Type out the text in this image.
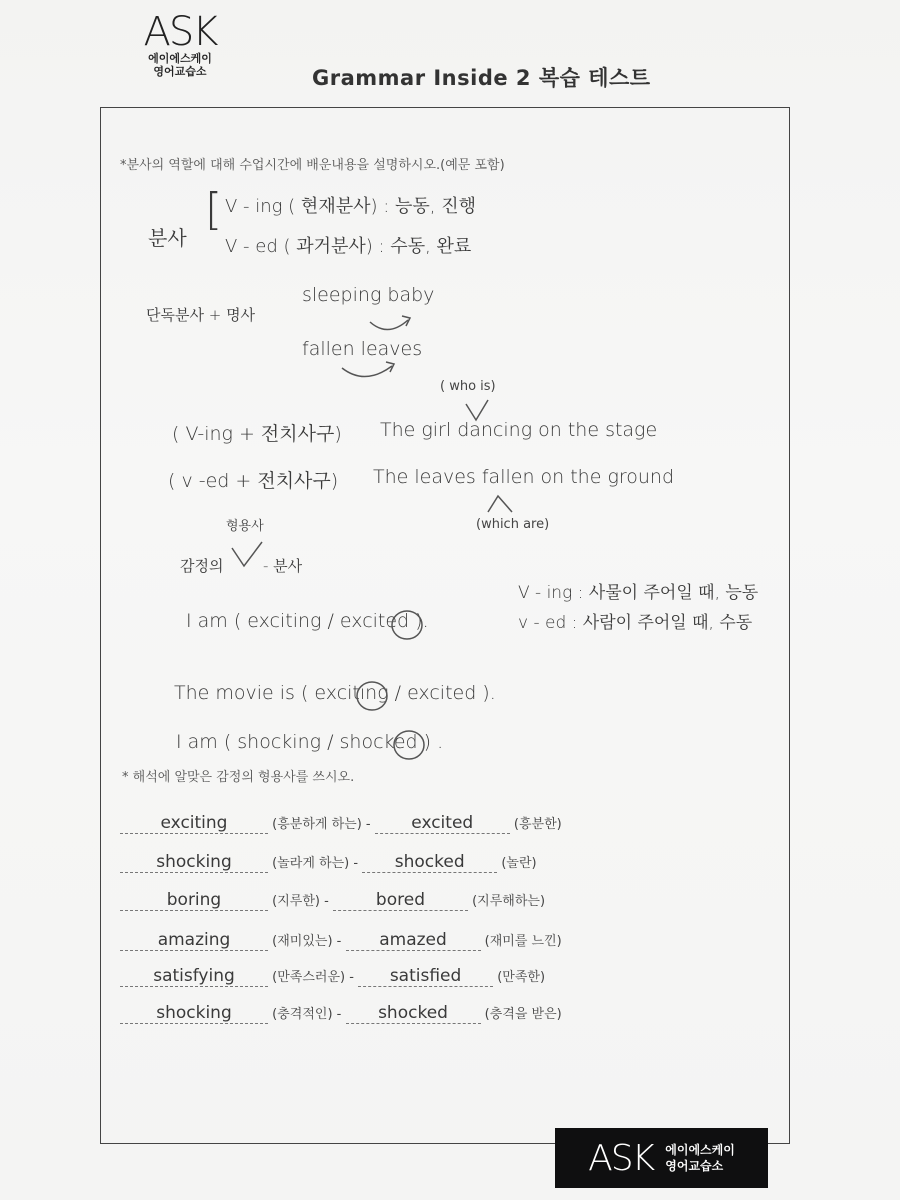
ASK
에이에스케이
영어교습소	Grammar Inside 2 복습 테스트
*분사의 역할에 대해 수업시간에 배운내용을 설명하시오.(예문 포함)
분사
[ V - ing ( 현재분사) : 능동, 진행
V - ed ( 과거분사) : 수동, 완료
단독분사 + 명사
sleeping baby
fallen leaves
( who is)
( V-ing + 전치사구) The girl dancing on the stage
( v -ed + 전치사구) The leaves fallen on the ground
(which are)
형용사
감정의	- 분사
V - ing : 사물이 주어일 때, 능동
v - ed : 사람이 주어일 때, 수동
I am ( exciting / excited ).
The movie is ( exciting / excited ).
I am ( shocking / shocked ) .
* 해석에 알맞은 감정의 형용사를 쓰시오.
exciting	(흥분하게 하는) - excited	(흥분한)
shocking	(놀라게 하는) - shocked	(놀란)
boring	(지루한) -	bored	(지루해하는)
amazing	(재미있는) - amazed	(재미를 느낀)
satisfying	(만족스러운) - satisfied	(만족한)
shocking	(충격적인) - shocked	(충격을 받은)
ASK 에이에스케이
영어교습소
